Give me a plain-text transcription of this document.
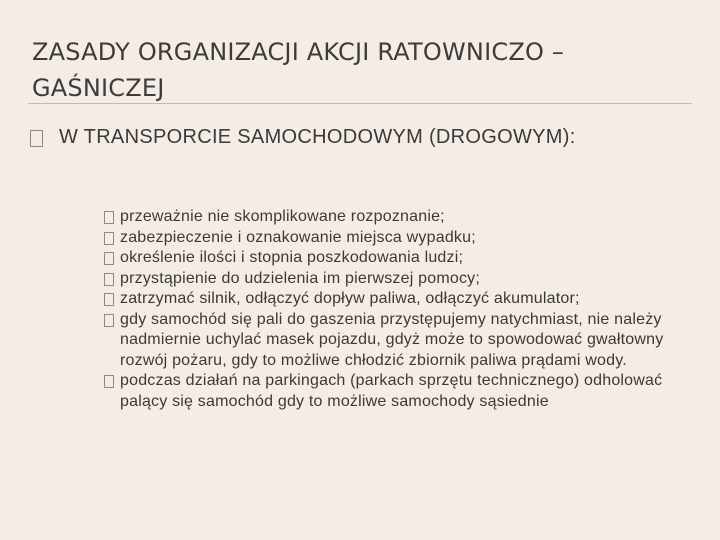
ZASADY ORGANIZACJI AKCJI RATOWNICZO – GAŚNICZEJ
W TRANSPORCIE SAMOCHODOWYM (DROGOWYM):
przeważnie nie skomplikowane rozpoznanie;
zabezpieczenie i oznakowanie miejsca wypadku;
określenie ilości i stopnia poszkodowania ludzi;
przystąpienie do udzielenia im pierwszej pomocy;
zatrzymać silnik, odłączyć dopływ paliwa, odłączyć akumulator;
gdy samochód się pali do gaszenia przystępujemy natychmiast, nie należy nadmiernie uchylać masek pojazdu, gdyż może to spowodować gwałtowny rozwój pożaru, gdy to możliwe chłodzić zbiornik paliwa prądami wody.
podczas działań na parkingach (parkach sprzętu technicznego) odholować palący się samochód gdy to możliwe samochody sąsiednie
